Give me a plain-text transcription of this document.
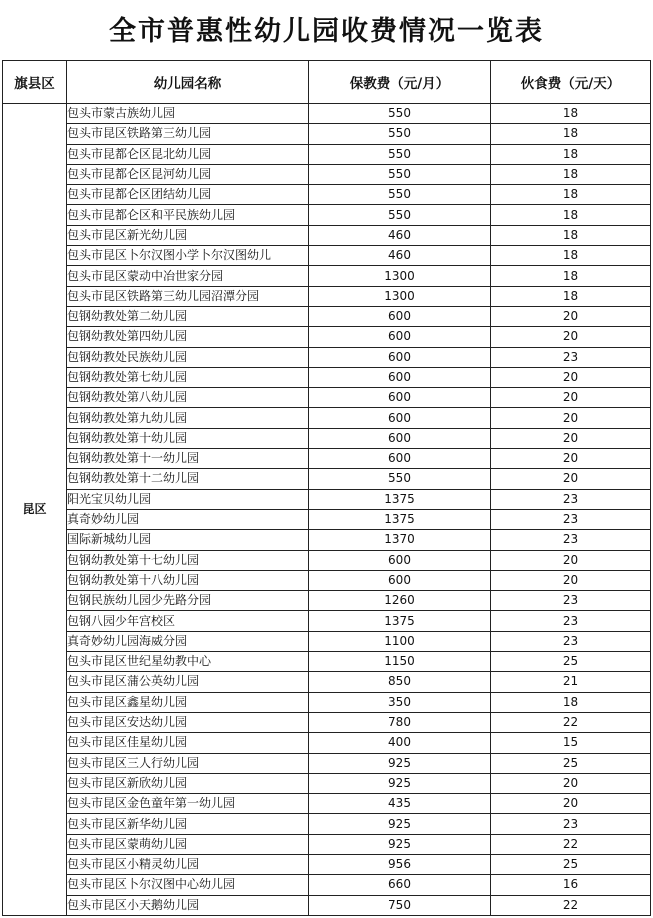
全市普惠性幼儿园收费情况一览表
旗县区	幼儿园名称	保教费（元/月）	伙食费（元/天）
昆区	包头市蒙古族幼儿园	550	18
	包头市昆区铁路第三幼儿园	550	18
	包头市昆都仑区昆北幼儿园	550	18
	包头市昆都仑区昆河幼儿园	550	18
	包头市昆都仑区团结幼儿园	550	18
	包头市昆都仑区和平民族幼儿园	550	18
	包头市昆区新光幼儿园	460	18
	包头市昆区卜尔汉图小学卜尔汉图幼儿	460	18
	包头市昆区蒙动中冶世家分园	1300	18
	包头市昆区铁路第三幼儿园沼潭分园	1300	18
	包钢幼教处第二幼儿园	600	20
	包钢幼教处第四幼儿园	600	20
	包钢幼教处民族幼儿园	600	23
	包钢幼教处第七幼儿园	600	20
	包钢幼教处第八幼儿园	600	20
	包钢幼教处第九幼儿园	600	20
	包钢幼教处第十幼儿园	600	20
	包钢幼教处第十一幼儿园	600	20
	包钢幼教处第十二幼儿园	550	20
	阳光宝贝幼儿园	1375	23
	真奇妙幼儿园	1375	23
	国际新城幼儿园	1370	23
	包钢幼教处第十七幼儿园	600	20
	包钢幼教处第十八幼儿园	600	20
	包钢民族幼儿园少先路分园	1260	23
	包钢八园少年宫校区	1375	23
	真奇妙幼儿园海威分园	1100	23
	包头市昆区世纪星幼教中心	1150	25
	包头市昆区蒲公英幼儿园	850	21
	包头市昆区鑫星幼儿园	350	18
	包头市昆区安达幼儿园	780	22
	包头市昆区佳星幼儿园	400	15
	包头市昆区三人行幼儿园	925	25
	包头市昆区新欣幼儿园	925	20
	包头市昆区金色童年第一幼儿园	435	20
	包头市昆区新华幼儿园	925	23
	包头市昆区蒙萌幼儿园	925	22
	包头市昆区小精灵幼儿园	956	25
	包头市昆区卜尔汉图中心幼儿园	660	16
	包头市昆区小天鹅幼儿园	750	22
